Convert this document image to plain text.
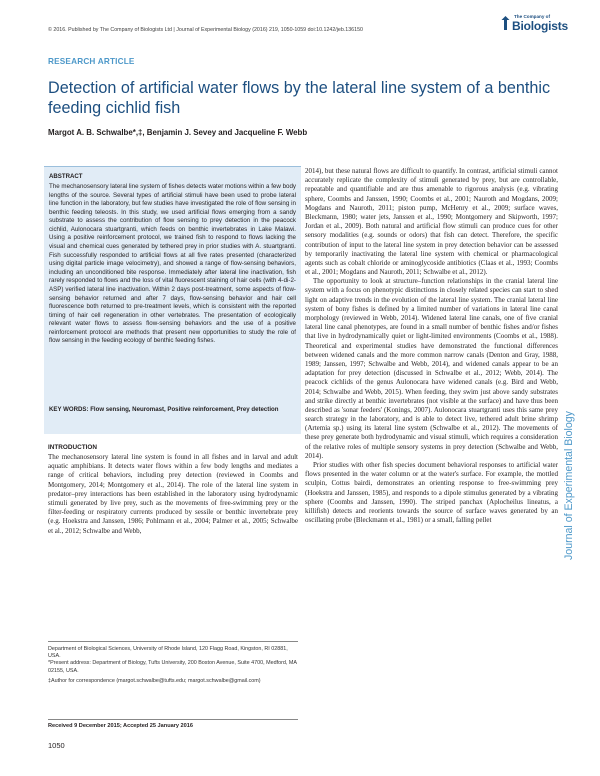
© 2016. Published by The Company of Biologists Ltd | Journal of Experimental Biology (2016) 219, 1050-1059 doi:10.1242/jeb.136150
The Company of
Biologists
RESEARCH ARTICLE
Detection of artificial water flows by the lateral line system of a benthic feeding cichlid fish
Margot A. B. Schwalbe*,‡, Benjamin J. Sevey and Jacqueline F. Webb
ABSTRACT
The mechanosensory lateral line system of fishes detects water motions within a few body lengths of the source. Several types of artificial stimuli have been used to probe lateral line function in the laboratory, but few studies have investigated the role of flow sensing in benthic feeding teleosts. In this study, we used artificial flows emerging from a sandy substrate to assess the contribution of flow sensing to prey detection in the peacock cichlid, Aulonocara stuartgranti, which feeds on benthic invertebrates in Lake Malawi. Using a positive reinforcement protocol, we trained fish to respond to flows lacking the visual and chemical cues generated by tethered prey in prior studies with A. stuartgranti. Fish successfully responded to artificial flows at all five rates presented (characterized using digital particle image velocimetry), and showed a range of flow-sensing behaviors, including an unconditioned bite response. Immediately after lateral line inactivation, fish rarely responded to flows and the loss of vital fluorescent staining of hair cells (with 4-di-2-ASP) verified lateral line inactivation. Within 2 days post-treatment, some aspects of flow-sensing behavior returned and after 7 days, flow-sensing behavior and hair cell fluorescence both returned to pre-treatment levels, which is consistent with the reported timing of hair cell regeneration in other vertebrates. The presentation of ecologically relevant water flows to assess flow-sensing behaviors and the use of a positive reinforcement protocol are methods that present new opportunities to study the role of flow sensing in the feeding ecology of benthic feeding fishes.
KEY WORDS: Flow sensing, Neuromast, Positive reinforcement, Prey detection
INTRODUCTION
The mechanosensory lateral line system is found in all fishes and in larval and adult aquatic amphibians. It detects water flows within a few body lengths and mediates a range of critical behaviors, including prey detection (reviewed in Coombs and Montgomery, 2014; Montgomery et al., 2014). The role of the lateral line system in predator–prey interactions has been established in the laboratory using hydrodynamic stimuli generated by live prey, such as the movements of free-swimming prey or the filter-feeding or respiratory currents produced by sessile or benthic invertebrate prey (e.g. Hoekstra and Janssen, 1986; Pohlmann et al., 2004; Palmer et al., 2005; Schwalbe et al., 2012; Schwalbe and Webb,
Department of Biological Sciences, University of Rhode Island, 120 Flagg Road, Kingston, RI 02881, USA.
*Present address: Department of Biology, Tufts University, 200 Boston Avenue, Suite 4700, Medford, MA 02155, USA.
‡Author for correspondence (margot.schwalbe@tufts.edu; margot.schwalbe@gmail.com)
Received 9 December 2015; Accepted 25 January 2016
1050

2014), but these natural flows are difficult to quantify. In contrast, artificial stimuli cannot accurately replicate the complexity of stimuli generated by prey, but are controllable, repeatable and quantifiable and are thus amenable to rigorous analysis (e.g. vibrating sphere, Coombs and Janssen, 1990; Coombs et al., 2001; Nauroth and Mogdans, 2009; Mogdans and Nauroth, 2011; piston pump, McHenry et al., 2009; surface waves, Bleckmann, 1980; water jets, Janssen et al., 1990; Montgomery and Skipworth, 1997; Jordan et al., 2009). Both natural and artificial flow stimuli can produce cues for other sensory modalities (e.g. sounds or odors) that fish can detect. Therefore, the specific contribution of input to the lateral line system in prey detection behavior can be assessed by temporarily inactivating the lateral line system with chemical or pharmacological agents such as cobalt chloride or aminoglycoside antibiotics (Claas et al., 1993; Coombs et al., 2001; Mogdans and Nauroth, 2011; Schwalbe et al., 2012).

The opportunity to look at structure–function relationships in the cranial lateral line system with a focus on phenotypic distinctions in closely related species can start to shed light on adaptive trends in the evolution of the lateral line system. The cranial lateral line system of bony fishes is defined by a limited number of variations in lateral line canal morphology (reviewed in Webb, 2014). Widened lateral line canals, one of five cranial lateral line canal phenotypes, are found in a small number of benthic fishes and/or fishes that live in hydrodynamically quiet or light-limited environments (Coombs et al., 1988). Theoretical and experimental studies have demonstrated the functional differences between widened canals and the more common narrow canals (Denton and Gray, 1988, 1989; Janssen, 1997; Schwalbe and Webb, 2014), and widened canals appear to be an adaptation for prey detection (discussed in Schwalbe et al., 2012; Webb, 2014). The peacock cichlids of the genus Aulonocara have widened canals (e.g. Bird and Webb, 2014; Schwalbe and Webb, 2015). When feeding, they swim just above sandy substrates and strike directly at benthic invertebrates (not visible at the surface) and have thus been described as 'sonar feeders' (Konings, 2007). Aulonocara stuartgranti uses this same prey search strategy in the laboratory, and is able to detect live, tethered adult brine shrimp (Artemia sp.) using its lateral line system (Schwalbe et al., 2012). The movements of these prey generate both hydrodynamic and visual stimuli, which requires a consideration of the relative roles of multiple sensory systems in prey detection (Schwalbe and Webb, 2014).

Prior studies with other fish species document behavioral responses to artificial water flows presented in the water column or at the water's surface. For example, the mottled sculpin, Cottus bairdi, demonstrates an orienting response to free-swimming prey (Hoekstra and Janssen, 1985), and responds to a dipole stimulus generated by a vibrating sphere (Coombs and Janssen, 1990). The striped panchax (Aplocheilus lineatus, a killifish) detects and reorients towards the source of surface waves generated by an oscillating probe (Bleckmann et al., 1981) or a small, falling pellet	Journal of Experimental Biology
